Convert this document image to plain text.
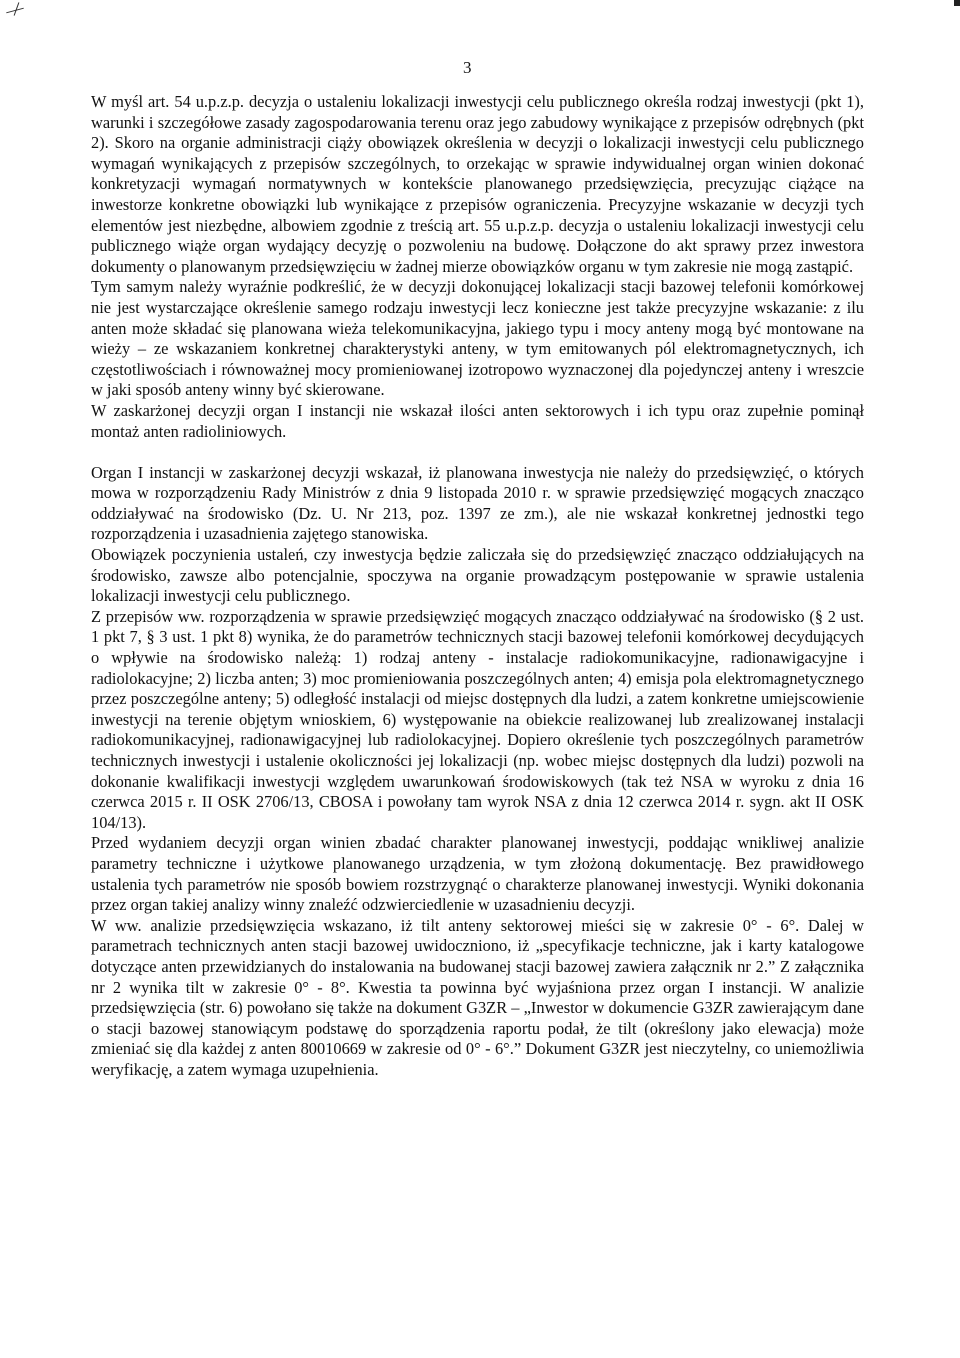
3

W myśl art. 54 u.p.z.p. decyzja o ustaleniu lokalizacji inwestycji celu publicznego określa rodzaj inwestycji (pkt 1), warunki i szczegółowe zasady zagospodarowania terenu oraz jego zabudowy wynikające z przepisów odrębnych (pkt 2). Skoro na organie administracji ciąży obowiązek określenia w decyzji o lokalizacji inwestycji celu publicznego wymagań wynikających z przepisów szczególnych, to orzekając w sprawie indywidualnej organ winien dokonać konkretyzacji wymagań normatywnych w kontekście planowanego przedsięwzięcia, precyzując ciążące na inwestorze konkretne obowiązki lub wynikające z przepisów ograniczenia. Precyzyjne wskazanie w decyzji tych elementów jest niezbędne, albowiem zgodnie z treścią art. 55 u.p.z.p. decyzja o ustaleniu lokalizacji inwestycji celu publicznego wiąże organ wydający decyzję o pozwoleniu na budowę. Dołączone do akt sprawy przez inwestora dokumenty o planowanym przedsięwzięciu w żadnej mierze obowiązków organu w tym zakresie nie mogą zastąpić.

Tym samym należy wyraźnie podkreślić, że w decyzji dokonującej lokalizacji stacji bazowej telefonii komórkowej nie jest wystarczające określenie samego rodzaju inwestycji lecz konieczne jest także precyzyjne wskazanie: z ilu anten może składać się planowana wieża telekomunikacyjna, jakiego typu i mocy anteny mogą być montowane na wieży – ze wskazaniem konkretnej charakterystyki anteny, w tym emitowanych pól elektromagnetycznych, ich częstotliwościach i równoważnej mocy promieniowanej izotropowo wyznaczonej dla pojedynczej anteny i wreszcie w jaki sposób anteny winny być skierowane.

W zaskarżonej decyzji organ I instancji nie wskazał ilości anten sektorowych i ich typu oraz zupełnie pominął montaż anten radioliniowych.

Organ I instancji w zaskarżonej decyzji wskazał, iż planowana inwestycja nie należy do przedsięwzięć, o których mowa w rozporządzeniu Rady Ministrów z dnia 9 listopada 2010 r. w sprawie przedsięwzięć mogących znacząco oddziaływać na środowisko (Dz. U. Nr 213, poz. 1397 ze zm.), ale nie wskazał konkretnej jednostki tego rozporządzenia i uzasadnienia zajętego stanowiska.

Obowiązek poczynienia ustaleń, czy inwestycja będzie zaliczała się do przedsięwzięć znacząco oddziałujących na środowisko, zawsze albo potencjalnie, spoczywa na organie prowadzącym postępowanie w sprawie ustalenia lokalizacji inwestycji celu publicznego.

Z przepisów ww. rozporządzenia w sprawie przedsięwzięć mogących znacząco oddziaływać na środowisko (§ 2 ust. 1 pkt 7, § 3 ust. 1 pkt 8) wynika, że do parametrów technicznych stacji bazowej telefonii komórkowej decydujących o wpływie na środowisko należą: 1) rodzaj anteny - instalacje radiokomunikacyjne, radionawigacyjne i radiolokacyjne; 2) liczba anten; 3) moc promieniowania poszczególnych anten; 4) emisja pola elektromagnetycznego przez poszczególne anteny; 5) odległość instalacji od miejsc dostępnych dla ludzi, a zatem konkretne umiejscowienie inwestycji na terenie objętym wnioskiem, 6) występowanie na obiekcie realizowanej lub zrealizowanej instalacji radiokomunikacyjnej, radionawigacyjnej lub radiolokacyjnej. Dopiero określenie tych poszczególnych parametrów technicznych inwestycji i ustalenie okoliczności jej lokalizacji (np. wobec miejsc dostępnych dla ludzi) pozwoli na dokonanie kwalifikacji inwestycji względem uwarunkowań środowiskowych (tak też NSA w wyroku z dnia 16 czerwca 2015 r. II OSK 2706/13, CBOSA i powołany tam wyrok NSA z dnia 12 czerwca 2014 r. sygn. akt II OSK 104/13).

Przed wydaniem decyzji organ winien zbadać charakter planowanej inwestycji, poddając wnikliwej analizie parametry techniczne i użytkowe planowanego urządzenia, w tym złożoną dokumentację. Bez prawidłowego ustalenia tych parametrów nie sposób bowiem rozstrzygnąć o charakterze planowanej inwestycji. Wyniki dokonania przez organ takiej analizy winny znaleźć odzwierciedlenie w uzasadnieniu decyzji.

W ww. analizie przedsięwzięcia wskazano, iż tilt anteny sektorowej mieści się w zakresie 0° - 6°. Dalej w parametrach technicznych anten stacji bazowej uwidoczniono, iż „specyfikacje techniczne, jak i karty katalogowe dotyczące anten przewidzianych do instalowania na budowanej stacji bazowej zawiera załącznik nr 2.” Z załącznika nr 2 wynika tilt w zakresie 0° - 8°. Kwestia ta powinna być wyjaśniona przez organ I instancji. W analizie przedsięwzięcia (str. 6) powołano się także na dokument G3ZR – „Inwestor w dokumencie G3ZR zawierającym dane o stacji bazowej stanowiącym podstawę do sporządzenia raportu podał, że tilt (określony jako elewacja) może zmieniać się dla każdej z anten 80010669 w zakresie od 0° - 6°.” Dokument G3ZR jest nieczytelny, co uniemożliwia weryfikację, a zatem wymaga uzupełnienia.
